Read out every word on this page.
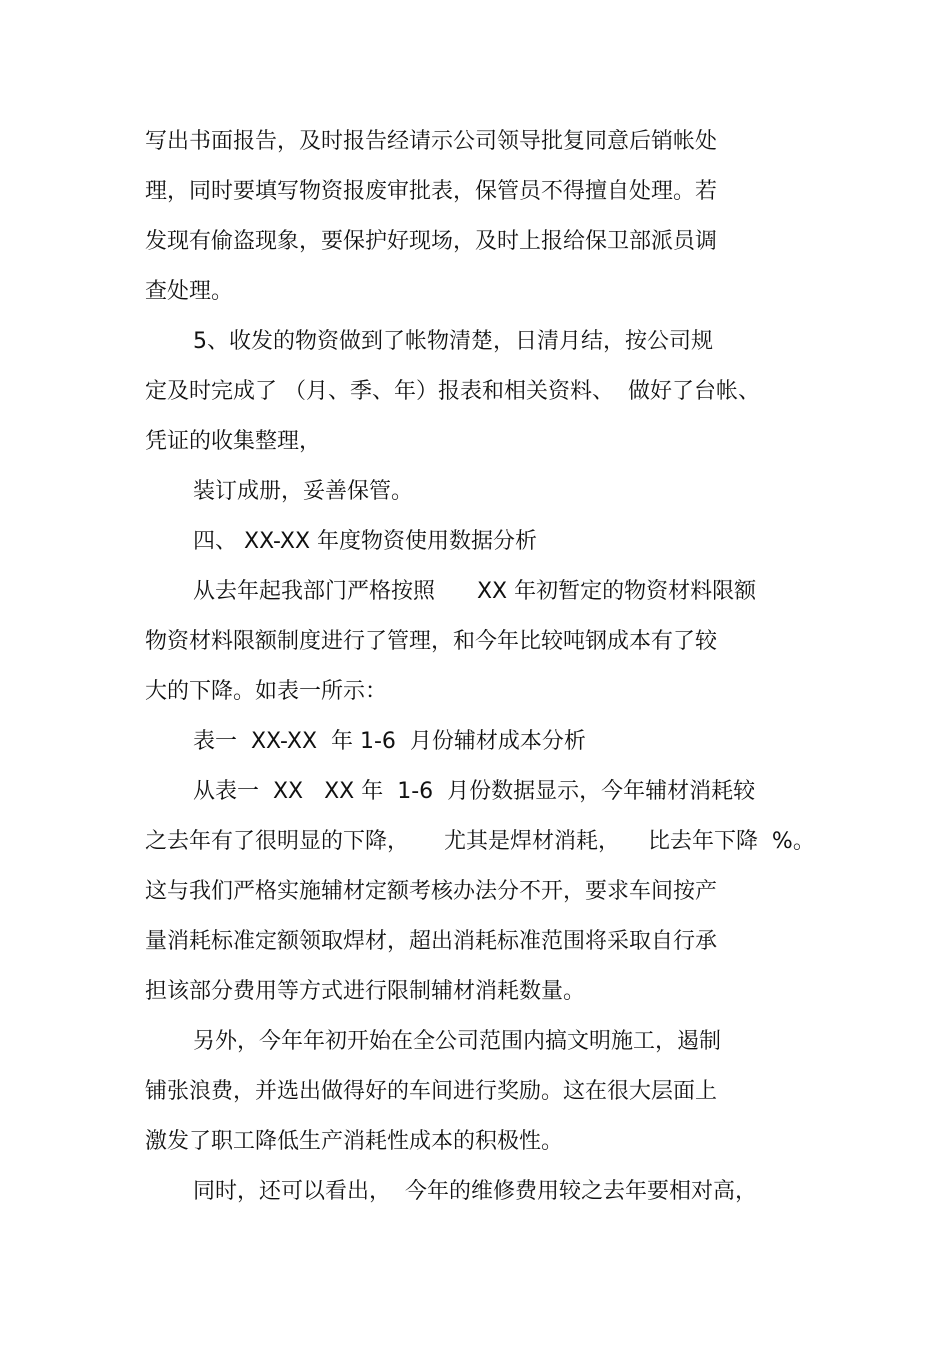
写出书面报告，及时报告经请示公司领导批复同意后销帐处
理，同时要填写物资报废审批表，保管员不得擅自处理。若
发现有偷盗现象，要保护好现场，及时上报给保卫部派员调
查处理。
5、收发的物资做到了帐物清楚，日清月结，按公司规
定及时完成了 （月、季、年）报表和相关资料、  做好了台帐、
凭证的收集整理，
装订成册，妥善保管。
四、 XX-XX 年度物资使用数据分析
从去年起我部门严格按照      XX 年初暂定的物资材料限额
物资材料限额制度进行了管理，和今年比较吨钢成本有了较
大的下降。如表一所示：
表一  XX-XX  年 1-6  月份辅材成本分析
从表一  XX   XX 年  1-6  月份数据显示，今年辅材消耗较
之去年有了很明显的下降，     尤其是焊材消耗，    比去年下降  %。
这与我们严格实施辅材定额考核办法分不开，要求车间按产
量消耗标准定额领取焊材，超出消耗标准范围将采取自行承
担该部分费用等方式进行限制辅材消耗数量。
另外，今年年初开始在全公司范围内搞文明施工，遏制
铺张浪费，并选出做得好的车间进行奖励。这在很大层面上
激发了职工降低生产消耗性成本的积极性。
同时，还可以看出，  今年的维修费用较之去年要相对高，
